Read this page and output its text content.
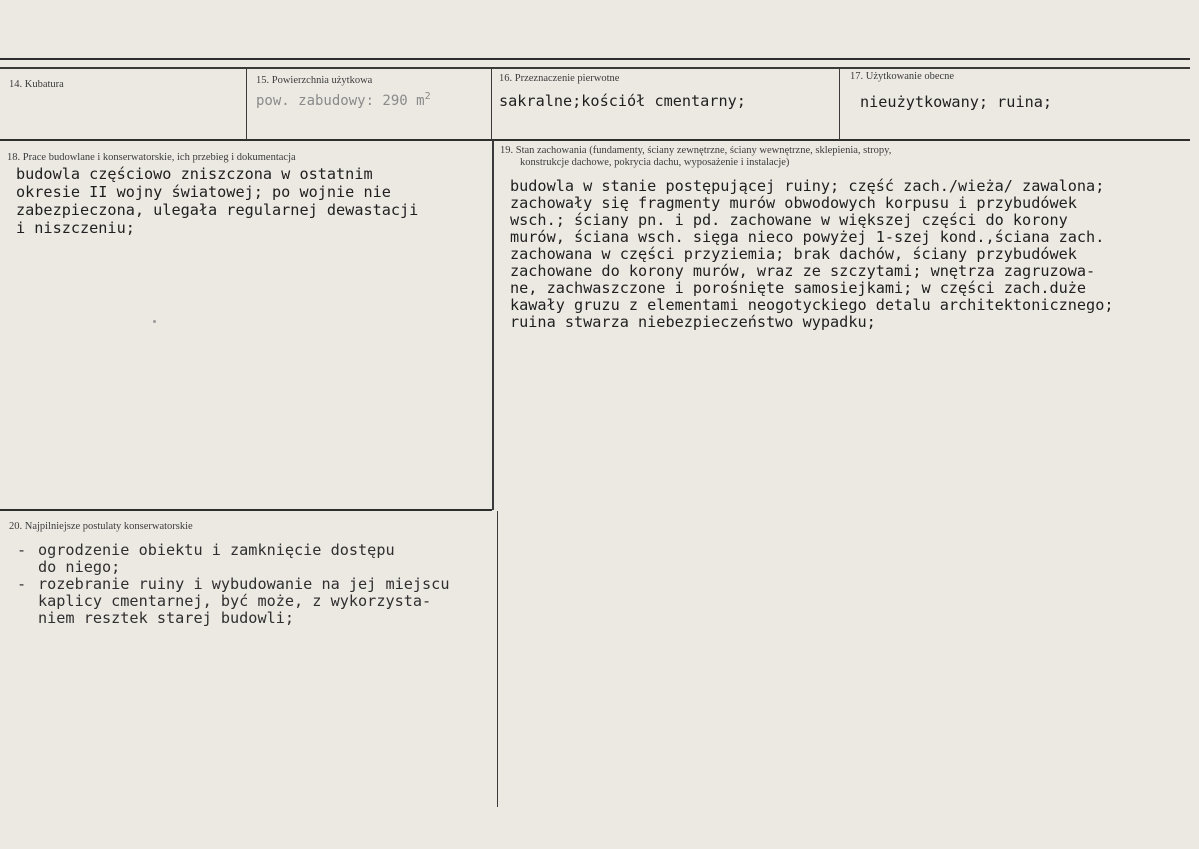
14. Kubatura	15. Powierzchnia użytkowa
pow. zabudowy: 290 $m^2$
16. Przeznaczenie pierwotne
sakralne;kościół cmentarny;
17. Użytkowanie obecne
nieużytkowany; ruina;
18. Prace budowlane i konserwatorskie, ich przebieg i dokumentacja
budowla częściowo zniszczona w ostatnim
okresie II wojny światowej; po wojnie nie
zabezpieczona, ulegała regularnej dewastacji
i niszczeniu;
19. Stan zachowania (fundamenty, ściany zewnętrzne, ściany wewnętrzne, sklepienia, stropy,
konstrukcje dachowe, pokrycia dachu, wyposażenie i instalacje)
budowla w stanie postępującej ruiny; część zach./wieża/ zawalona;
zachowały się fragmenty murów obwodowych korpusu i przybudówek
wsch.; ściany pn. i pd. zachowane w większej części do korony
murów, ściana wsch. sięga nieco powyżej 1-szej kond.,ściana zach.
zachowana w części przyziemia; brak dachów, ściany przybudówek
zachowane do korony murów, wraz ze szczytami; wnętrza zagruzowa-
ne, zachwaszczone i porośnięte samosiejkami; w części zach.duże
kawały gruzu z elementami neogotyckiego detalu architektonicznego;
ruina stwarza niebezpieczeństwo wypadku;
20. Najpilniejsze postulaty konserwatorskie
- ogrodzenie obiektu i zamknięcie dostępu
do niego;
- rozebranie ruiny i wybudowanie na jej miejscu
kaplicy cmentarnej, być może, z wykorzysta-
niem resztek starej budowli;
